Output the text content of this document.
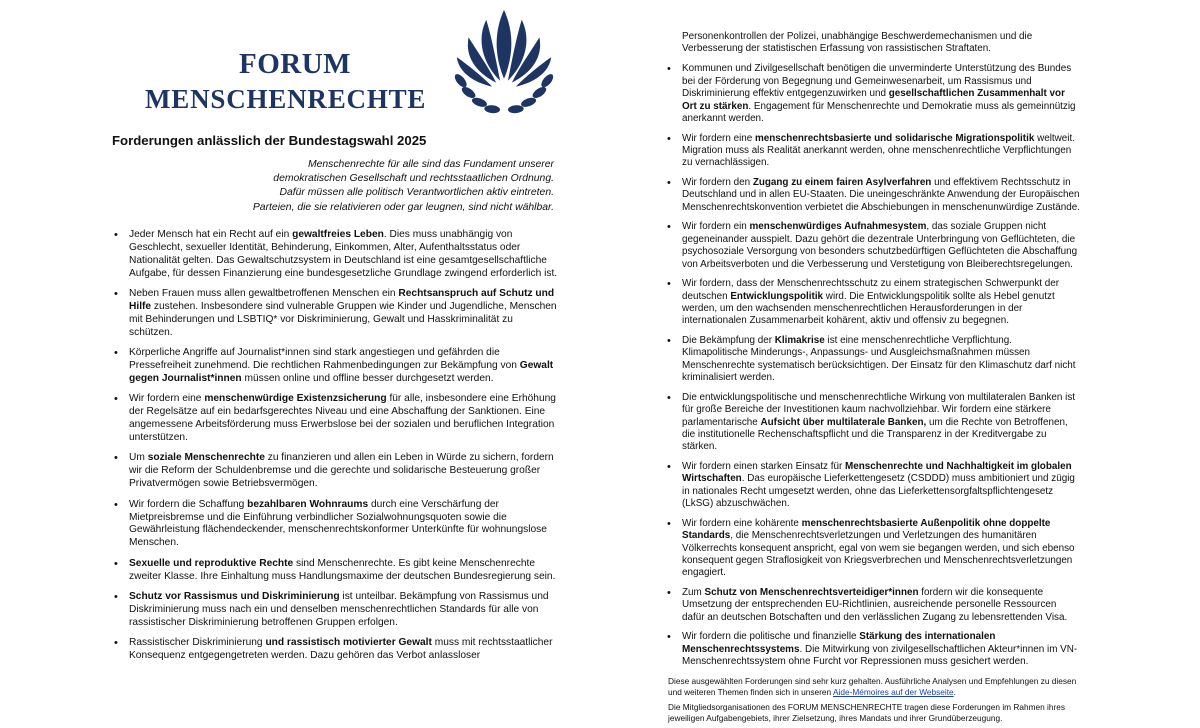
FORUM
MENSCHENRECHTE
Forderungen anlässlich der Bundestagswahl 2025
Menschenrechte für alle sind das Fundament unserer
demokratischen Gesellschaft und rechtsstaatlichen Ordnung.
Dafür müssen alle politisch Verantwortlichen aktiv eintreten.
Parteien, die sie relativieren oder gar leugnen, sind nicht wählbar.
• Jeder Mensch hat ein Recht auf ein gewaltfreies Leben. Dies muss unabhängig von Geschlecht, sexueller Identität, Behinderung, Einkommen, Alter, Aufenthaltsstatus oder Nationalität gelten. Das Gewaltschutzsystem in Deutschland ist eine gesamtgesellschaftliche Aufgabe, für dessen Finanzierung eine bundesgesetzliche Grundlage zwingend erforderlich ist.
• Neben Frauen muss allen gewaltbetroffenen Menschen ein Rechtsanspruch auf Schutz und Hilfe zustehen. Insbesondere sind vulnerable Gruppen wie Kinder und Jugendliche, Menschen mit Behinderungen und LSBTIQ* vor Diskriminierung, Gewalt und Hasskriminalität zu schützen.
• Körperliche Angriffe auf Journalist*innen sind stark angestiegen und gefährden die Pressefreiheit zunehmend. Die rechtlichen Rahmenbedingungen zur Bekämpfung von Gewalt gegen Journalist*innen müssen online und offline besser durchgesetzt werden.
• Wir fordern eine menschenwürdige Existenzsicherung für alle, insbesondere eine Erhöhung der Regelsätze auf ein bedarfsgerechtes Niveau und eine Abschaffung der Sanktionen. Eine angemessene Arbeitsförderung muss Erwerbslose bei der sozialen und beruflichen Integration unterstützen.
• Um soziale Menschenrechte zu finanzieren und allen ein Leben in Würde zu sichern, fordern wir die Reform der Schuldenbremse und die gerechte und solidarische Besteuerung großer Privatvermögen sowie Betriebsvermögen.
• Wir fordern die Schaffung bezahlbaren Wohnraums durch eine Verschärfung der Mietpreisbremse und die Einführung verbindlicher Sozialwohnungsquoten sowie die Gewährleistung flächendeckender, menschenrechtskonformer Unterkünfte für wohnungslose Menschen.
• Sexuelle und reproduktive Rechte sind Menschenrechte. Es gibt keine Menschenrechte zweiter Klasse. Ihre Einhaltung muss Handlungsmaxime der deutschen Bundesregierung sein.
• Schutz vor Rassismus und Diskriminierung ist unteilbar. Bekämpfung von Rassismus und Diskriminierung muss nach ein und denselben menschenrechtlichen Standards für alle von rassistischer Diskriminierung betroffenen Gruppen erfolgen.
• Rassistischer Diskriminierung und rassistisch motivierter Gewalt muss mit rechtsstaatlicher Konsequenz entgegengetreten werden. Dazu gehören das Verbot anlassloser
Personenkontrollen der Polizei, unabhängige Beschwerdemechanismen und die Verbesserung der statistischen Erfassung von rassistischen Straftaten.
• Kommunen und Zivilgesellschaft benötigen die unverminderte Unterstützung des Bundes bei der Förderung von Begegnung und Gemeinwesenarbeit, um Rassismus und Diskriminierung effektiv entgegenzuwirken und gesellschaftlichen Zusammenhalt vor Ort zu stärken. Engagement für Menschenrechte und Demokratie muss als gemeinnützig anerkannt werden.
• Wir fordern eine menschenrechtsbasierte und solidarische Migrationspolitik weltweit. Migration muss als Realität anerkannt werden, ohne menschenrechtliche Verpflichtungen zu vernachlässigen.
• Wir fordern den Zugang zu einem fairen Asylverfahren und effektivem Rechtsschutz in Deutschland und in allen EU-Staaten. Die uneingeschränkte Anwendung der Europäischen Menschenrechtskonvention verbietet die Abschiebungen in menschenunwürdige Zustände.
• Wir fordern ein menschenwürdiges Aufnahmesystem, das soziale Gruppen nicht gegeneinander ausspielt. Dazu gehört die dezentrale Unterbringung von Geflüchteten, die psychosoziale Versorgung von besonders schutzbedürftigen Geflüchteten die Abschaffung von Arbeitsverboten und die Verbesserung und Verstetigung von Bleiberechtsregelungen.
• Wir fordern, dass der Menschenrechtsschutz zu einem strategischen Schwerpunkt der deutschen Entwicklungspolitik wird. Die Entwicklungspolitik sollte als Hebel genutzt werden, um den wachsenden menschenrechtlichen Herausforderungen in der internationalen Zusammenarbeit kohärent, aktiv und offensiv zu begegnen.
• Die Bekämpfung der Klimakrise ist eine menschenrechtliche Verpflichtung. Klimapolitische Minderungs-, Anpassungs- und Ausgleichsmaßnahmen müssen Menschenrechte systematisch berücksichtigen. Der Einsatz für den Klimaschutz darf nicht kriminalisiert werden.
• Die entwicklungspolitische und menschenrechtliche Wirkung von multilateralen Banken ist für große Bereiche der Investitionen kaum nachvollziehbar. Wir fordern eine stärkere parlamentarische Aufsicht über multilaterale Banken, um die Rechte von Betroffenen, die institutionelle Rechenschaftspflicht und die Transparenz in der Kreditvergabe zu stärken.
• Wir fordern einen starken Einsatz für Menschenrechte und Nachhaltigkeit im globalen Wirtschaften. Das europäische Lieferkettengesetz (CSDDD) muss ambitioniert und zügig in nationales Recht umgesetzt werden, ohne das Lieferkettensorgfaltspflichtengesetz (LkSG) abzuschwächen.
• Wir fordern eine kohärente menschenrechtsbasierte Außenpolitik ohne doppelte Standards, die Menschenrechtsverletzungen und Verletzungen des humanitären Völkerrechts konsequent anspricht, egal von wem sie begangen werden, und sich ebenso konsequent gegen Straflosigkeit von Kriegsverbrechen und Menschenrechtsverletzungen engagiert.
• Zum Schutz von Menschenrechtsverteidiger*innen fordern wir die konsequente Umsetzung der entsprechenden EU-Richtlinien, ausreichende personelle Ressourcen dafür an deutschen Botschaften und den verlässlichen Zugang zu lebensrettenden Visa.
• Wir fordern die politische und finanzielle Stärkung des internationalen Menschenrechtssystems. Die Mitwirkung von zivilgesellschaftlichen Akteur*innen im VN-Menschenrechtssystem ohne Furcht vor Repressionen muss gesichert werden.

Diese ausgewählten Forderungen sind sehr kurz gehalten. Ausführliche Analysen und Empfehlungen zu diesen und weiteren Themen finden sich in unseren Aide-Mémoires auf der Webseite.

Die Mitgliedsorganisationen des FORUM MENSCHENRECHTE tragen diese Forderungen im Rahmen ihres jeweiligen Aufgabengebiets, ihrer Zielsetzung, ihres Mandats und ihrer Grundüberzeugung.
